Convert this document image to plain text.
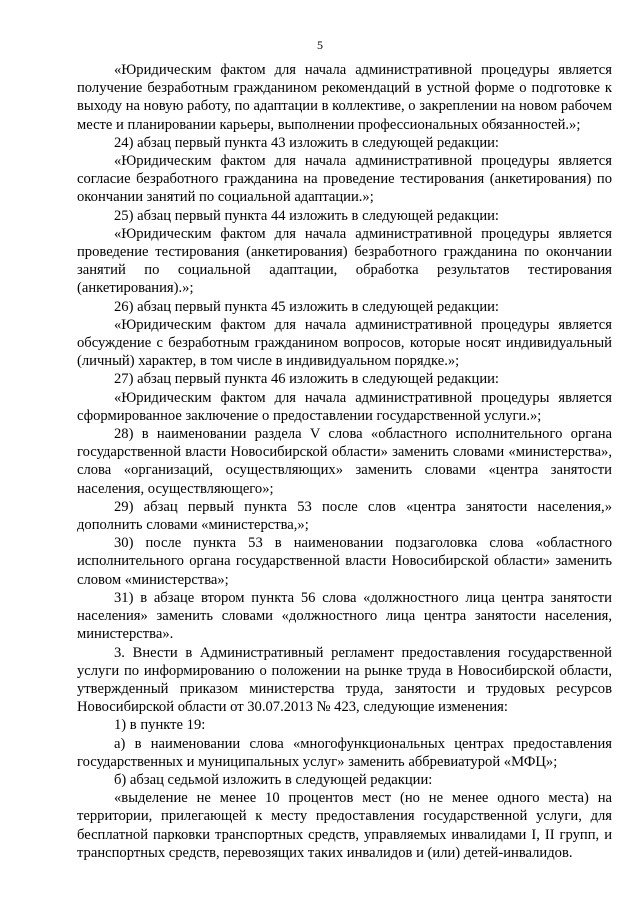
5

«Юридическим фактом для начала административной процедуры является получение безработным гражданином рекомендаций в устной форме о подготовке к выходу на новую работу, по адаптации в коллективе, о закреплении на новом рабочем месте и планировании карьеры, выполнении профессиональных обязанностей.»;

24) абзац первый пункта 43 изложить в следующей редакции:

«Юридическим фактом для начала административной процедуры является согласие безработного гражданина на проведение тестирования (анкетирования) по окончании занятий по социальной адаптации.»;

25) абзац первый пункта 44 изложить в следующей редакции:

«Юридическим фактом для начала административной процедуры является проведение тестирования (анкетирования) безработного гражданина по окончании занятий по социальной адаптации, обработка результатов тестирования (анкетирования).»;

26) абзац первый пункта 45 изложить в следующей редакции:

«Юридическим фактом для начала административной процедуры является обсуждение с безработным гражданином вопросов, которые носят индивидуальный (личный) характер, в том числе в индивидуальном порядке.»;

27) абзац первый пункта 46 изложить в следующей редакции:

«Юридическим фактом для начала административной процедуры является сформированное заключение о предоставлении государственной услуги.»;

28) в наименовании раздела V слова «областного исполнительного органа государственной власти Новосибирской области» заменить словами «министерства», слова «организаций, осуществляющих» заменить словами «центра занятости населения, осуществляющего»;

29) абзац первый пункта 53 после слов «центра занятости населения,» дополнить словами «министерства,»;

30) после пункта 53 в наименовании подзаголовка слова «областного исполнительного органа государственной власти Новосибирской области» заменить словом «министерства»;

31) в абзаце втором пункта 56 слова «должностного лица центра занятости населения» заменить словами «должностного лица центра занятости населения, министерства».

3. Внести в Административный регламент предоставления государственной услуги по информированию о положении на рынке труда в Новосибирской области, утвержденный приказом министерства труда, занятости и трудовых ресурсов Новосибирской области от 30.07.2013 № 423, следующие изменения:

1) в пункте 19:

а) в наименовании слова «многофункциональных центрах предоставления государственных и муниципальных услуг» заменить аббревиатурой «МФЦ»;

б) абзац седьмой изложить в следующей редакции:

«выделение не менее 10 процентов мест (но не менее одного места) на территории, прилегающей к месту предоставления государственной услуги, для бесплатной парковки транспортных средств, управляемых инвалидами I, II групп, и транспортных средств, перевозящих таких инвалидов и (или) детей-инвалидов.
